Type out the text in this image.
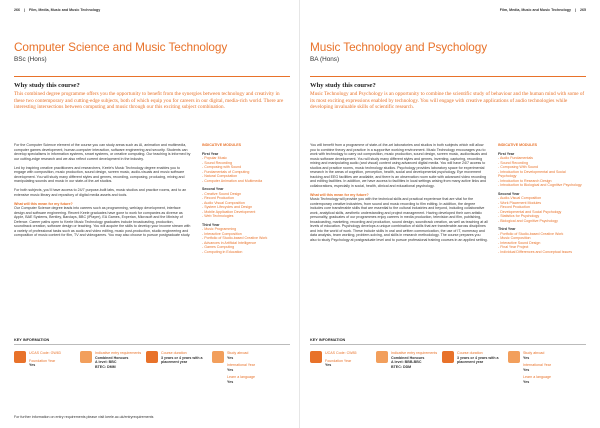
266 | Film, Media, Music and Music Technology
Computer Science and Music Technology
BSc (Hons)
Why study this course?
This combined degree programme offers you the opportunity to benefit from the synergies between technology and creativity in these two contemporary and cutting-edge subjects, both of which equip you for careers in our digital, media-rich world. There are interesting intersections between computing and music through our this exciting subject combination.

For the Computer Science element of the course you can study areas such as AI, animation and multimedia, computer games development, human-computer interaction, software engineering and security. Students can develop specialisms in information systems, smart systems, or creative computing. Our teaching is informed by our cutting-edge research and we also reflect current development in the industry.

Led by inspiring creative practitioners and researchers, Keele's Music Technology degree enables you to engage with composition, music production, sound design, screen music, audio-visuals and music software development. You will study many different styles and genres, recording, composing, producing, mixing and manipulating sounds and music in our state-of-the-art studios.

For both subjects, you'll have access to 24/7 purpose-built labs, music studios and practice rooms, and to an extensive music library and repository of digital media assets and tools.

What will this mean for my future?

Our Computer Science degree leads into careers such as programming, web/app development, interface design and software engineering. Recent Keele graduates have gone to work for companies as diverse as Apple, BAE Systems, Bentley, Barclays, BBC (iPlayer), EA Games, Experian, Microsoft and the Ministry of Defence. Career paths open to Keele Music Technology graduates include broadcasting, production, soundtrack creation, software design or teaching. You will acquire the skills to develop your income stream with a variety of professional tasks such as audio and video editing, music post-production, studio engineering and composition of music content for film, TV and videogames. You may also choose to pursue postgraduate study.

INDICATIVE MODULES
First Year
- Popular Music
- Sound Recording
- Composing with Sound
- Fundamentals of Computing
- Natural Computation
- Computer Animation and Multimedia
Second Year
- Creative Sound Design
- Record Production
- Audio Visual Composition
- System Lifecycles and Design
- Mobile Application Development
- Web Technologies
Third Year
- Music Programming
- Interactive Composition
- Portfolio of Studio-based Creative Work
- Advances in Artificial Intelligence
- Games Computing
- Computing in Education
KEY INFORMATION
UCAS Code: GW83
Foundation Year
Yes
Indicative entry requirements
Combined Honours
A level: BBC
BTEC: DMM
Course duration
3 years or 4 years with a placement year
Study abroad
Yes
International Year
Yes
Learn a language
Yes
For further information on entry requirements please visit keele.ac.uk/entryrequirements
Film, Media, Music and Music Technology | 265
Music Technology and Psychology
BA (Hons)
Why study this course?
Music Technology and Psychology is an opportunity to combine the scientific study of behaviour and the human mind with some of its most exciting expressions enabled by technology. You will engage with creative applications of audio technologies while developing invaluable skills of scientific research.

You will benefit from a programme of state-of-the-art laboratories and studios in both subjects which will allow you to combine theory and practice in a supportive working environment. Music Technology encourages you to work with technology to carry out composition, music production, sound design, screen music, audiovisuals and music software development. You will study many different styles and genres, inventing, capturing, recording mixing and manipulating audio (and visual) content using advanced digital media. You will have 24/7 access to studios and practice rooms, music technology studios. Psychology provides laboratory space for experimental research in the areas of cognition, perception, health, social and developmental psychology. Eye movement tracking and EEG facilities are available, and there is an observation room suite with advanced video recording and editing facilities. In addition, we have access to facilities in local settings arising from many active links and collaborations, especially in social, health, clinical and educational psychology.

What will this mean for my future?

Music Technology will provide you with the technical skills and practical experience that are vital for the contemporary creative industries, from sound and music recording to film editing. In addition, the degree includes core transferable skills that are essential to the cultural industries and beyond, including collaborative work, analytical skills, aesthetic understanding and project management. Having developed their own artistic personality, graduates of our programmes enjoy careers in media production, television and film, publishing, broadcasting, marketing, recording and production, sound design, soundtrack creation, as well as teaching at all levels of education. Psychology develops a unique combination of skills that are transferable across disciplines and into the world of work. These include skills in oral and written communication, the use of IT, numeracy and data analysis, team working, problem-solving, and skills in research methodology. The course prepares you also to study Psychology at postgraduate level and to pursue professional training courses in an applied setting.

INDICATIVE MODULES
First Year
- Audio Fundamentals
- Sound Recording
- Composing With Sound
- Introduction to Developmental and Social Psychology
- Introduction to Research Design
- Introduction to Biological and Cognitive Psychology
Second Year
- Audio-Visual Composition
- Work Placement Modules
- Record Production
- Developmental and Social Psychology
- Statistics for Psychology
- Biological and Cognitive Psychology
Third Year
- Portfolio of Studio-based Creative Work
- Music Composition
- Interactive Sound Design
- Final Year Project
- Individual Differences and Conceptual Issues
KEY INFORMATION
UCAS Code: CW85
Foundation Year
Yes
Indicative entry requirements
Combined Honours
A level: BBB-BBC
BTEC: DDM
Course duration
3 years or 4 years with a placement year
Study abroad
Yes
International Year
Yes
Learn a language
Yes
